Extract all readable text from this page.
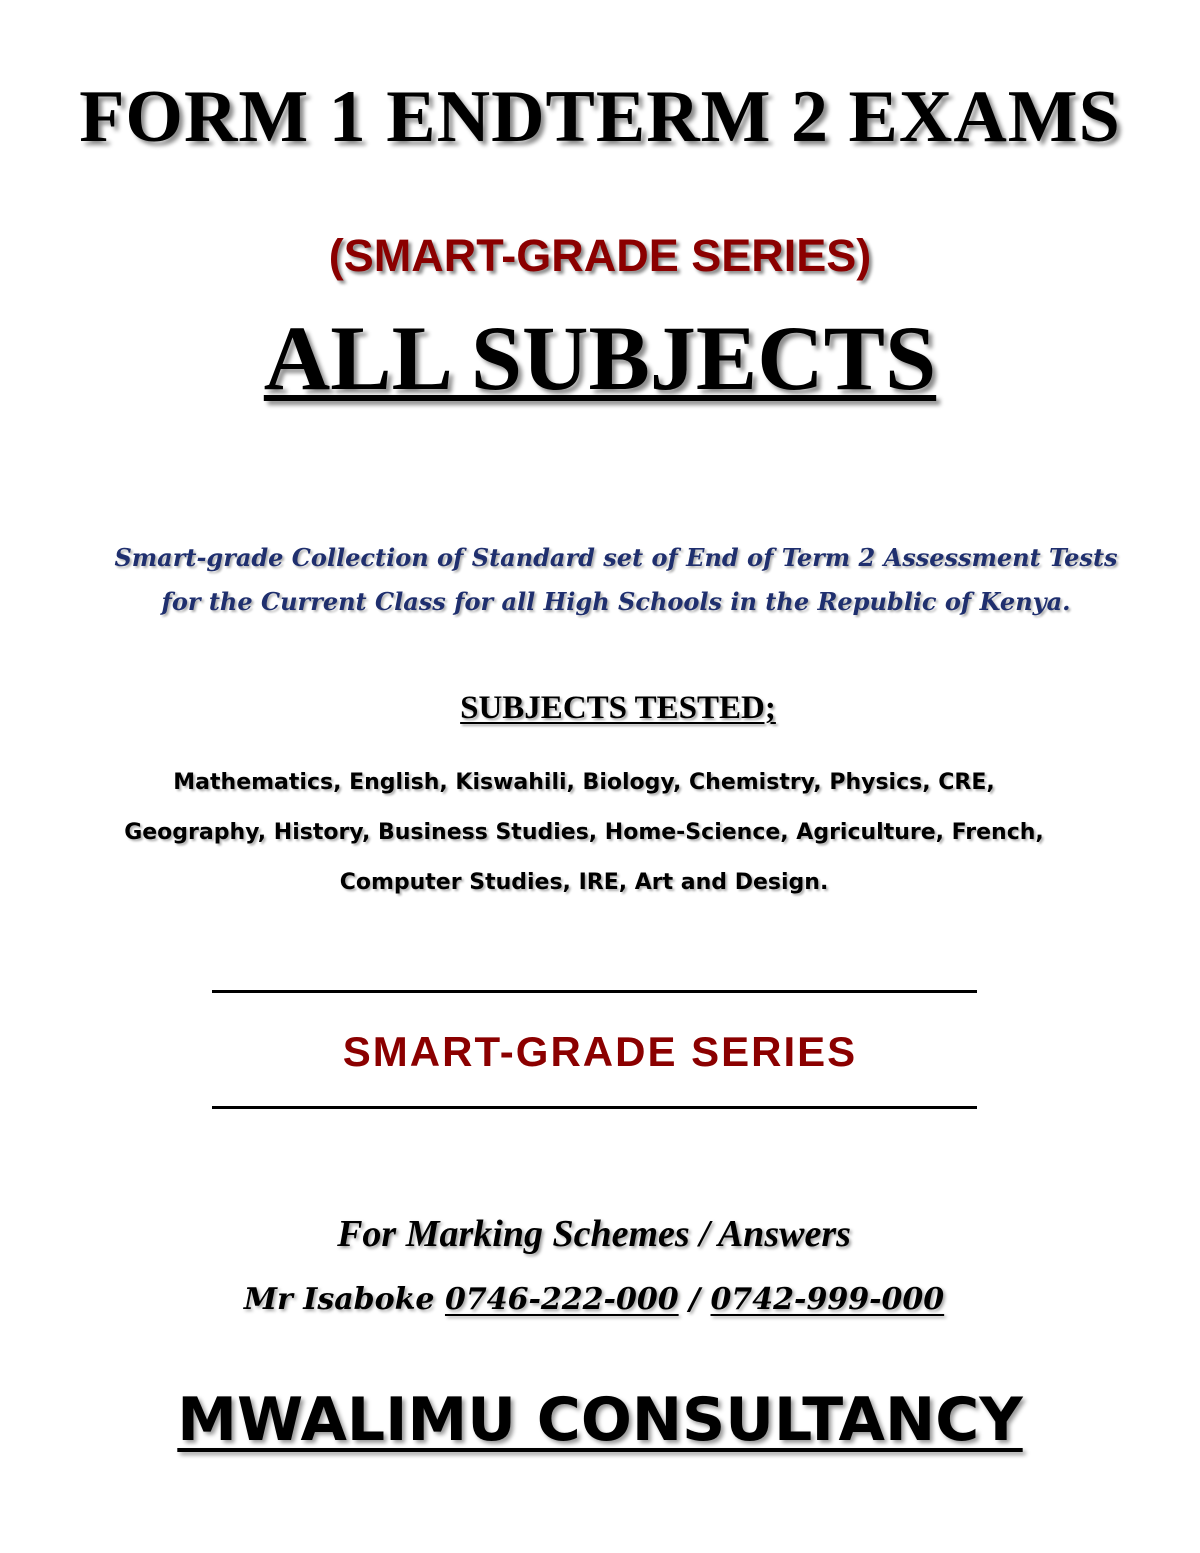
FORM 1 ENDTERM 2 EXAMS
(SMART-GRADE SERIES)
ALL SUBJECTS
Smart-grade Collection of Standard set of End of Term 2 Assessment Tests
for the Current Class for all High Schools in the Republic of Kenya.
SUBJECTS TESTED;
Mathematics, English, Kiswahili, Biology, Chemistry, Physics, CRE,
Geography, History, Business Studies, Home-Science, Agriculture, French,
Computer Studies, IRE, Art and Design.
SMART-GRADE SERIES
For Marking Schemes / Answers
Mr Isaboke 0746-222-000 / 0742-999-000
MWALIMU CONSULTANCY
